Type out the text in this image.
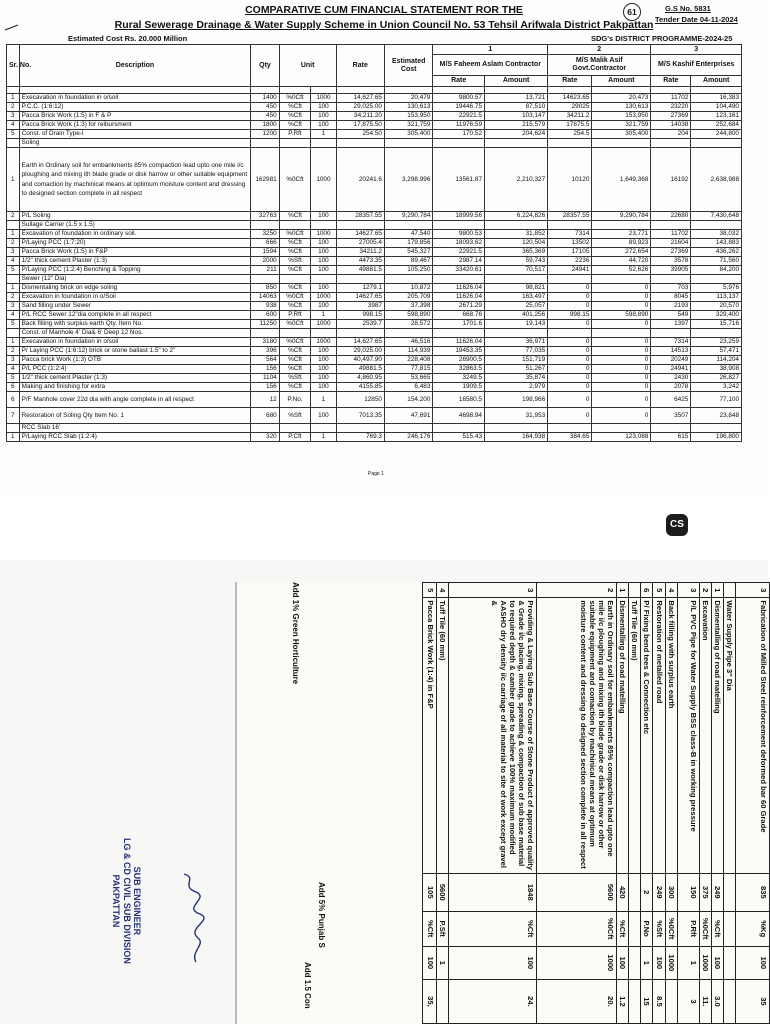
COMPARATIVE CUM FINANCIAL STATEMENT ROR THE
Rural Sewerage Drainage & Water Supply Scheme in Union Council No. 53 Tehsil Arifwala District Pakpattan
61	G.S No. 5831
Tender Date 04-11-2024
Estimated Cost Rs. 20.000 Million	SDG's DISTRICT PROGRAMME-2024-25
Sr. No.	Description	Qty	Unit		Rate	Estimated Cost	1		2		3	
							M/S Faheem Aslam Contractor		M/S Malik Asif Govt.Contractor		M/S Kashif Enterprises	
							Rate	Amount	Rate	Amount	Rate	Amount

1	Execavation in foundation in o/soil	1400	%0Cft	1000	14,627.65	20,479	9800.57	13,721	14623.65	20,473	11702	16,383
2	P.C.C. (1:6:12)	450	%Cft	100	29,025.00	130,613	19446.75	87,510	29025	130,613	23220	104,490
3	Pacca Brick Work (1:5) in F & P	450	%Cft	100	34,211.20	153,950	22921.5	103,147	34211.2	153,950	27369	123,161
4	Pacca Brick Work (1:3) for reibursment	1800	%Cft	100	17,875.50	321,759	11976.59	215,579	17875.5	321,759	14038	252,684
5	Const. of Drain Type-I	1200	P.Rft	1	254.50	305,400	170.52	204,624	254.5	305,400	204	244,800
	Soling											
1	Earth in Ordinary soil for embankments 85% compaction lead upto one mile i/c ploughing and mixing ith blade grade or disk harrow or other suitable equipment and comaction by machinical means at optimum moisture content and dressing to designed section complete in all respect	162981	%0Cft	1000	20241.6	3,298,996	13561.87	2,210,327	10120	1,649,368	16192	2,638,988
2	P/L Soling	32763	%Cft	100	28357.55	9,290,784	18999.56	6,224,826	28357.55	9,290,784	22680	7,430,648
	Sullage Carrier (1.5 x 1.5)											
1	Excavation of foundation in ordinary soil.	3250	%0Cft	1000	14627.65	47,540	9800.53	31,852	7314	23,771	11702	38,032
2	P/Laying PCC (1:7:20)	666	%Cft	100	27005.4	179,856	18093.62	120,504	13502	89,923	21604	143,883
3	Pacca Brick Work (1:5) in F&P	1594	%Cft	100	34211.2	545,327	22921.5	365,369	17105	272,654	27369	436,262
4	1/2" thick cement Plaster (1:3)	2000	%Sft	100	4473.35	89,467	2987.14	59,743	2236	44,720	3578	71,560
5	P/Laying PCC (1:2:4) Benching & Topping	211	%Cft	100	49881.5	105,250	33420.61	70,517	24941	52,626	39905	84,200
	Sewer (12" Dia)											
1	Dismentaling brick on edge soling	850	%Cft	100	1279.1	10,872	11626.04	98,821	0	0	703	5,976
2	Excavation in foundation in o/Soil	14063	%0Cft	1000	14627.65	205,709	11626.04	163,497	0	0	8045	113,137
3	Sand filling under Sewer	938	%Cft	100	3987	37,398	2671.29	25,057	0	0	2193	20,570
4	P/L RCC Sewer 12"dia complete in all respect	600	P.Rft	1	998.15	598,890	668.76	401,256	998.15	598,890	549	329,400
5	Back filling with surpius earth Qty. Item No.	11250	%0Cft	1000	2539.7	28,572	1701.6	19,143	0	0	1397	15,716
	Const. of Manhole 4' Dia& 6' Deep 12 Nos.											
1	Execavation in foundation in o/soil	3180	%0Cft	1000	14,627.65	46,516	11626.04	36,971	0	0	7314	23,259
2	P/ Laying PCC (1:6:12) brick or stone ballast 1.5" to 2"	396	%Cft	100	29,025.00	114,939	19453.35	77,035	0	0	14513	57,471
3	Pacca brick Work (1:3) OTB	564	%Cft	100	40,497.90	228,408	26900.5	151,719	0	0	20249	114,204
4	P/L PCC (1:2:4)	156	%Cft	100	49881.5	77,815	32863.5	51,267	0	0	24941	38,908
5	1/2" thick cement Plaster (1:3)	1104	%Sft	100	4,860.95	53,665	3249.5	35,874	0	0	2430	26,827
6	Making and finishing for extra	156	%Cft	100	4155.85	6,483	1909.5	2,979	0	0	2078	3,242
6	P/F Manhole cover 22d dia with angle complete in all respect	12	P.No.	1	12850	154,200	16580.5	198,966	0	0	6425	77,100
7	Restoration of Soling Qty Item No. 1	680	%Sft	100	7013.35	47,691	4698.94	31,953	0	0	3507	23,848
	RCC Slab 16'											
1	P/Laying RCC Slab (1:2:4)	320	P.Cft	1	769.3	246,176	515.43	164,938	384.65	123,088	615	196,800
Page 1
CS
3	Fabrication of Milled Steel reinforcement deformed bar 60 Grade	835	%Kg	100	35
	Water Supply Pipe 3" Dia				
1	Dismentalling of road matelling	249	%Cft	100	3.0
2	Excavation	375	%0Cft	1000	11.
3	P/L PVC Pipe for Water Supply BSS class-B in working pressure	150	P.Rft	1	3
4	Back filling with surplus earth	300	%0Cft	1000	
5	Restoration of metalled road	249	%Sft	100	8.5
6	P/ Fixing bend tees & Connection etc	2	P.No	1	15
	Tuff Tile (60 mm)				
1	Dismentalling of road matelling	420	%Cft	100	1.2
2	Earth in Ordinary soil for embankments 85% compaction lead upto one mile i/c ploughing and mixing ith blade grade or disk harrow or other suitable equipment and comaction by machinical means at optimum moisture content and dressing to designed section complete in all respect	5600	%0Cft	1000	20.
3	Providing & Laying Sub Base Course of Stone Product of approved quality & Grade i/c placing, mixing, spreading & compaction of sub base material to required depth & camber grade to achieve 100% maximum modified AASHO dry density i/c carriage of all material to site of work except gravel &	1848	%Cft	100	24.
4	Tuff Tile (60 mm)	5600	P.Sft	1	
5	Pacca Brick Work (1:4) in F&P	105	%Cft	100	35,
Add 5% Punjab S
Add 1% Green Horticulture
Add 1.5 Con
SUB ENGINEER
LG & CD CIVIL SUB DIVISION
PAKPATTAN
